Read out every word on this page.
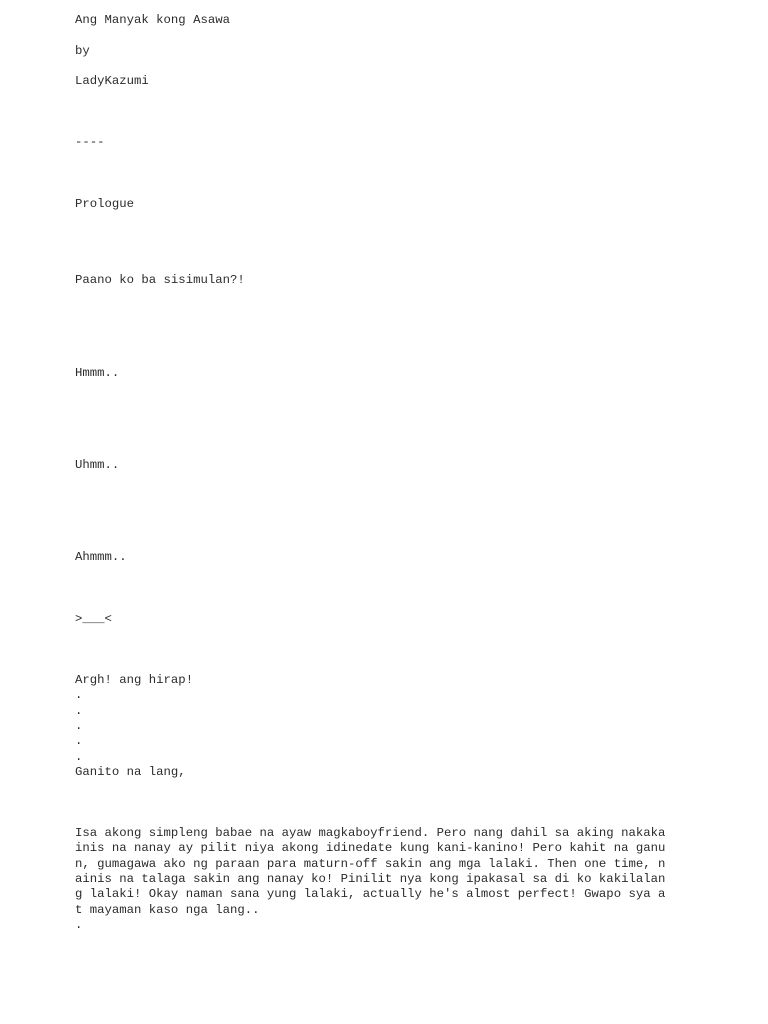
Ang Manyak kong Asawa

by

LadyKazumi

----

Prologue

Paano ko ba sisimulan?!

Hmmm..

Uhmm..

Ahmmm..

>___<

Argh! ang hirap!

.

.

.

.

.

Ganito na lang,

Isa akong simpleng babae na ayaw magkaboyfriend. Pero nang dahil sa aking nakaka

inis na nanay ay pilit niya akong idinedate kung kani-kanino! Pero kahit na ganu

n, gumagawa ako ng paraan para maturn-off sakin ang mga lalaki. Then one time, n

ainis na talaga sakin ang nanay ko! Pinilit nya kong ipakasal sa di ko kakilalan

g lalaki! Okay naman sana yung lalaki, actually he's almost perfect! Gwapo sya a

t mayaman kaso nga lang..

.
